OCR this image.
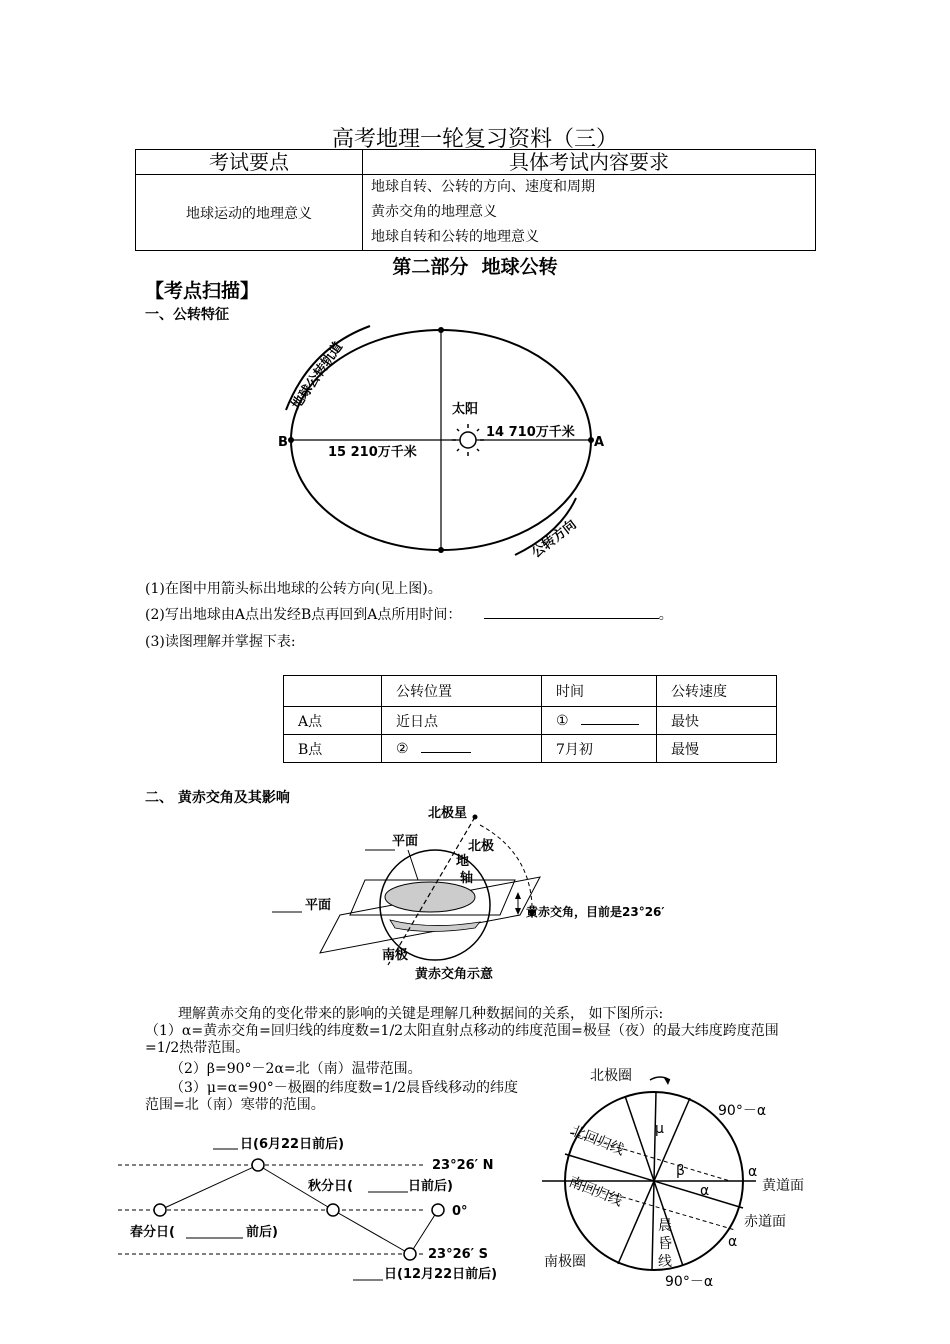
高考地理一轮复习资料（三）
考试要点	具体考试内容要求
地球运动的地理意义	地球自转、公转的方向、速度和周期
黄赤交角的地理意义
地球自转和公转的地理意义
第二部分  地球公转
【考点扫描】
一、公转特征
太阳
14 710万千米
15 210万千米
B	A
地球公转轨道
公转方向
(1)在图中用箭头标出地球的公转方向(见上图)。
(2)写出地球由A点出发经B点再回到A点所用时间：	。
(3)读图理解并掌握下表:
	公转位置	时间	公转速度
A点	近日点	①	最快
B点	②	7月初	最慢
二、 黄赤交角及其影响
北极星
平面	北极
地
轴
平面	黄赤交角，目前是23°26′
南极
黄赤交角示意
理解黄赤交角的变化带来的影响的关键是理解几种数据间的关系， 如下图所示:
（1）α=黄赤交角=回归线的纬度数=1/2太阳直射点移动的纬度范围=极昼（夜）的最大纬度跨度范围=1/2热带范围。
（2）β=90°－2α=北（南）温带范围。
（3）μ=α=90°－极圈的纬度数=1/2晨昏线移动的纬度范围=北（南）寒带的范围。
日(6月22日前后)
23°26′ N
秋分日(	日前后)
0°
春分日(	前后)
23°26′ S
日(12月22日前后)
北极圈
90°－α
北回归线 μ
β
α
α
黄道面
南回归线
赤道面
α
晨
昏
线
南极圈
90°－α
